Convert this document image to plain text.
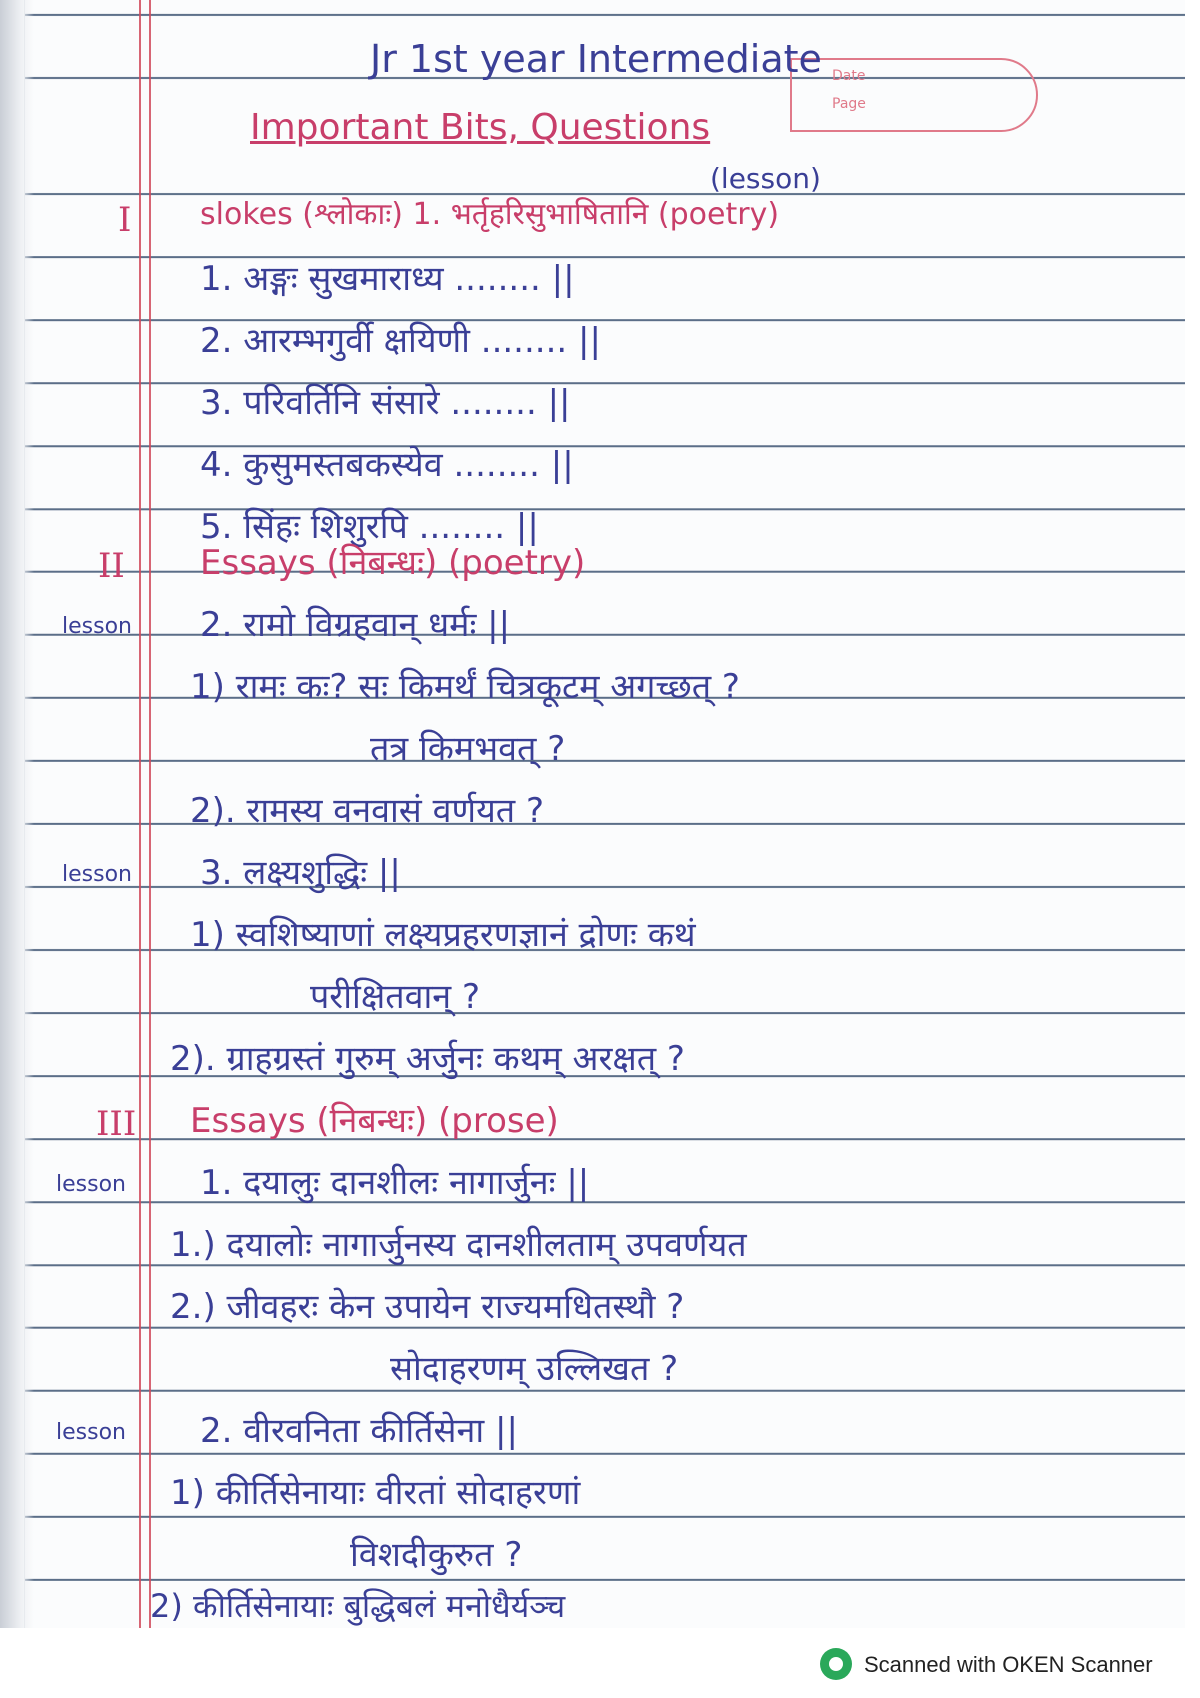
Date
Page
Jr 1st year Intermediate
Important Bits, Questions
(lesson)
I slokes (श्लोकाः) 1. भर्तृहरिसुभाषितानि (poetry)
1. अङ्गः सुखमाराध्य ........ ||
2. आरम्भगुर्वी क्षयिणी ........ ||
3. परिवर्तिनि संसारे ........ ||
4. कुसुमस्तबकस्येव ........ ||
5. सिंहः शिशुरपि ........ ||
II Essays (निबन्धः) (poetry)
lesson 2. रामो विग्रहवान् धर्मः ||
1) रामः कः? सः किमर्थं चित्रकूटम् अगच्छत् ?
तत्र किमभवत् ?
2). रामस्य वनवासं वर्णयत ?
lesson 3. लक्ष्यशुद्धिः ||
1) स्वशिष्याणां लक्ष्यप्रहरणज्ञानं द्रोणः कथं
परीक्षितवान् ?
2). ग्राहग्रस्तं गुरुम् अर्जुनः कथम् अरक्षत् ?
III Essays (निबन्धः) (prose)
lesson 1. दयालुः दानशीलः नागार्जुनः ||
1.) दयालोः नागार्जुनस्य दानशीलताम् उपवर्णयत
2.) जीवहरः केन उपायेन राज्यमधितस्थौ ?
सोदाहरणम् उल्लिखत ?
lesson 2. वीरवनिता कीर्तिसेना ||
1) कीर्तिसेनायाः वीरतां सोदाहरणां
विशदीकुरुत ?
2) कीर्तिसेनायाः बुद्धिबलं मनोधैर्यञ्च
Scanned with OKEN Scanner
